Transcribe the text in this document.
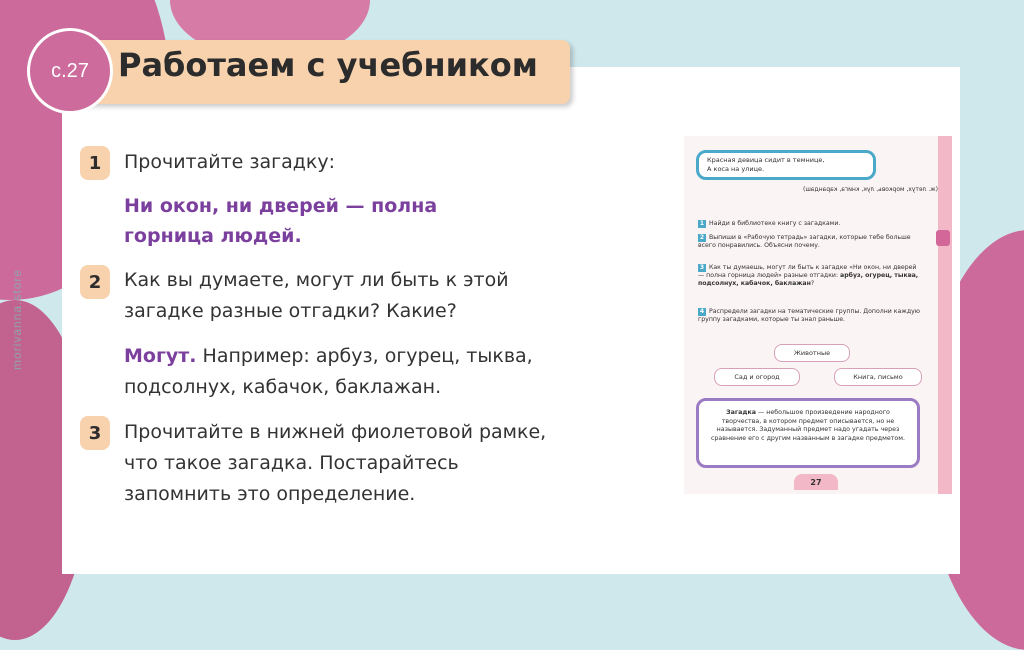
morivanna.store
Работаем с учебником
с.27
1	Прочитайте загадку:
Ни окон, ни дверей — полна
горница людей.
2	Как вы думаете, могут ли быть к этой
загадке разные отгадки? Какие?
Могут. Например: арбуз, огурец, тыква,
подсолнух, кабачок, баклажан.
3	Прочитайте в нижней фиолетовой рамке,
что такое загадка. Постарайтесь
запомнить это определение.
Красная девица сидит в темнице,
А коса на улице.
(ж. летух, морковь, лук, книга, карандаш)
1 Найди в библиотеке книгу с загадками.
2 Выпиши в «Рабочую тетрадь» загадки, которые тебе больше всего понравились. Объясни почему.
3 Как ты думаешь, могут ли быть к загадке «Ни окон, ни дверей — полна горница людей» разные отгадки: арбуз, огурец, тыква, подсолнух, кабачок, баклажан?
4 Распредели загадки на тематические группы. Дополни каждую группу загадками, которые ты знал раньше.
Животные
Сад и огород	Книга, письмо
Загадка — небольшое произведение народного творчества, в котором предмет описывается, но не называется. Задуманный предмет надо угадать через сравнение его с другим названным в загадке предметом.
27
